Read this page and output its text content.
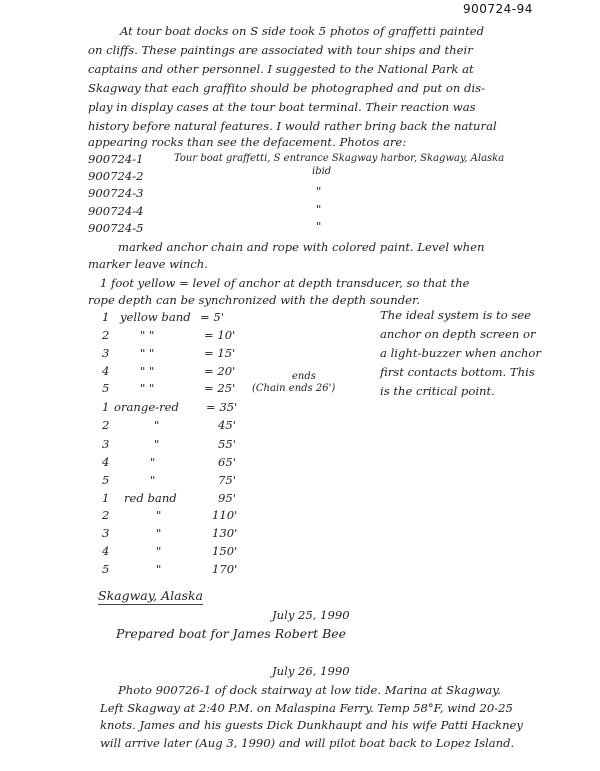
900724-94
At tour boat docks on S side took 5 photos of graffetti painted
on cliffs. These paintings are associated with tour ships and their
captains and other personnel. I suggested to the National Park at
Skagway that each graffito should be photographed and put on dis-
play in display cases at the tour boat terminal. Their reaction was
history before natural features. I would rather bring back the natural
appearing rocks than see the defacement. Photos are:
900724-1	Tour boat graffetti, S entrance Skagway harbor, Skagway, Alaska
900724-2	ibid
900724-3	"
900724-4	"
900724-5	"
marked anchor chain and rope with colored paint. Level when
marker leave winch.
1 foot yellow = level of anchor at depth transducer, so that the
rope depth can be synchronized with the depth sounder.
1 yellow band = 5'
2	" "	= 10'
3	" "	= 15'
4	" "	= 20'
5	" "	= 25'
1 orange-red = 35'
2	"	45'
3	"	55'
4	"	65'
5	"	75'
1 red band	95'
2	"	110'
3	"	130'
4	"	150'
5	"	170'
ends
(Chain ends 26')
The ideal system is to see
anchor on depth screen or
a light-buzzer when anchor
first contacts bottom. This
is the critical point.
Skagway, Alaska
July 25, 1990
Prepared boat for James Robert Bee
July 26, 1990
Photo 900726-1 of dock stairway at low tide. Marina at Skagway.
Left Skagway at 2:40 P.M. on Malaspina Ferry. Temp 58°F, wind 20-25
knots. James and his guests Dick Dunkhaupt and his wife Patti Hackney
will arrive later (Aug 3, 1990) and will pilot boat back to Lopez Island.
